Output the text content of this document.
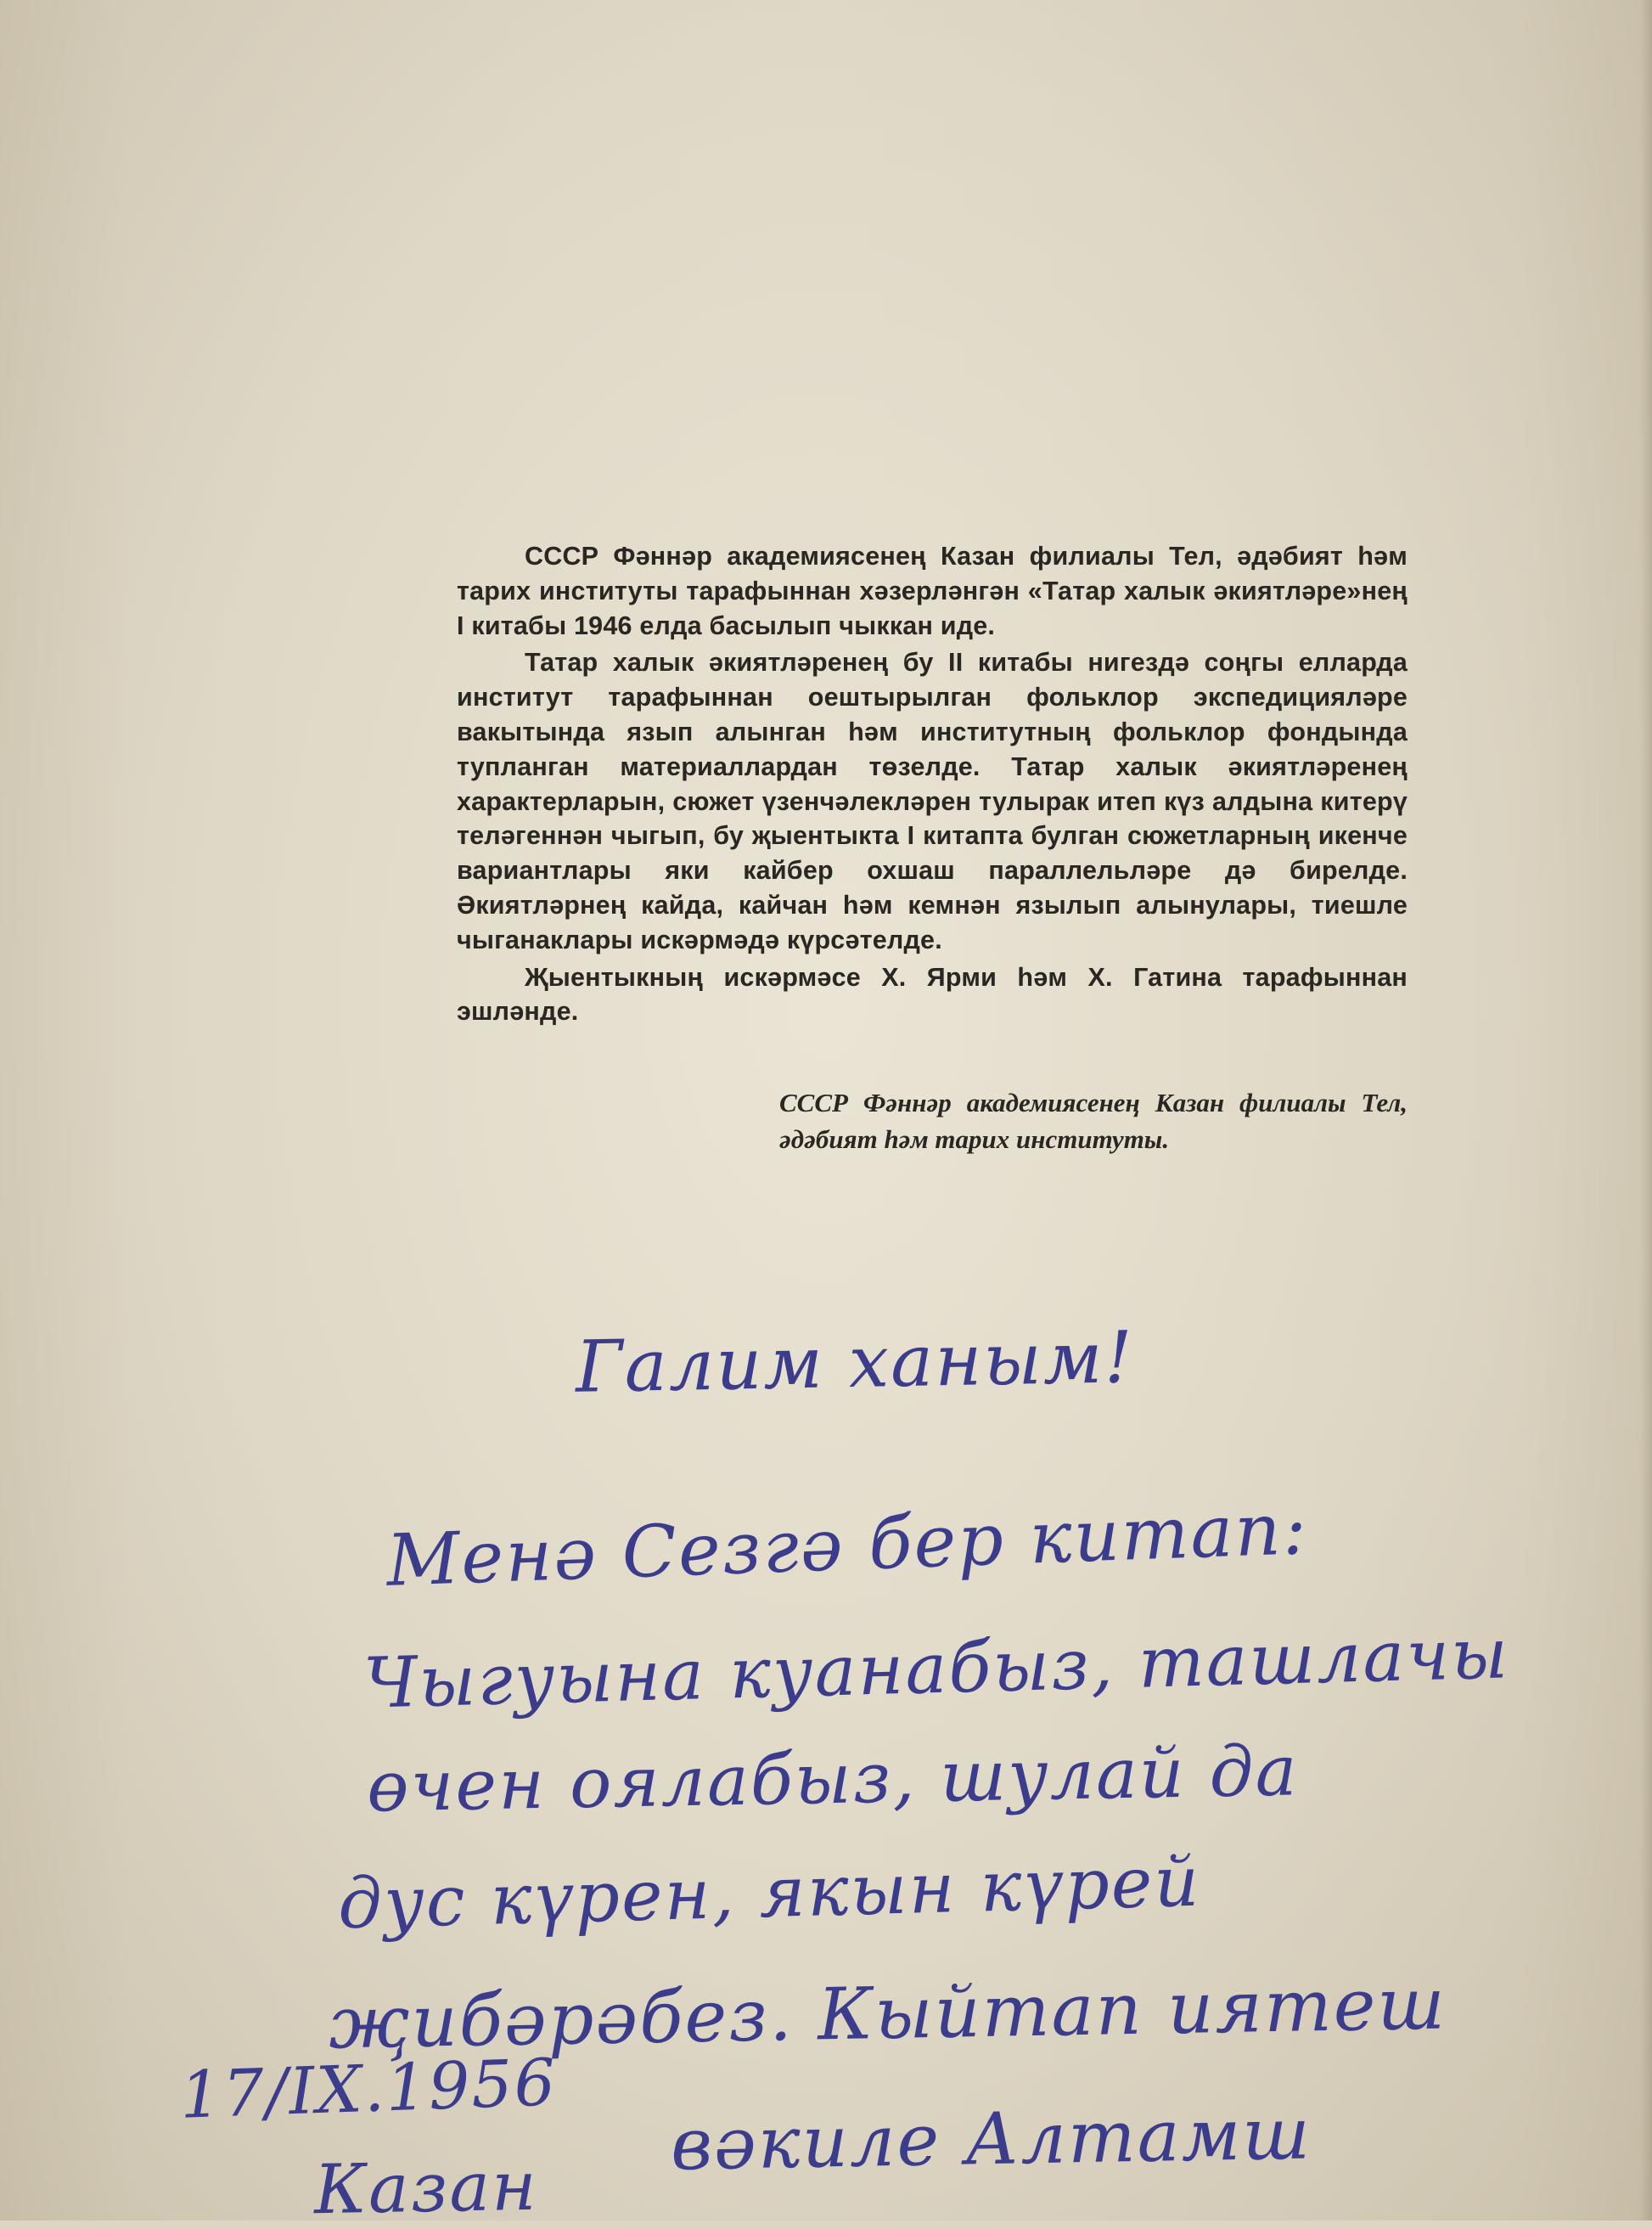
СССР Фәннәр академиясенең Казан филиалы Тел, әдәбият һәм тарих институты тарафыннан хәзерләнгән «Татар халык әкиятләре»нең I китабы 1946 елда басылып чыккан иде.

Татар халык әкиятләренең бу II китабы нигездә соңгы елларда институт тарафыннан оештырылган фольклор экспедицияләре вакытында язып алынган һәм институтның фольклор фондында тупланган материаллардан төзелде. Татар халык әкиятләренең характерларын, сюжет үзенчәлекләрен тулырак итеп күз алдына китерү теләгеннән чыгып, бу җыентыкта I китапта булган сюжетларның икенче вариантлары яки кайбер охшаш параллельләре дә бирелде. Әкиятләрнең кайда, кайчан һәм кемнән язылып алынулары, тиешле чыганаклары искәрмәдә күрсәтелде.

Җыентыкның искәрмәсе Х. Ярми һәм Х. Гатина тарафыннан эшләнде.

СССР Фәннәр академиясенең Казан филиалы Тел, әдәбият һәм тарих институты.
Галим ханым!
Менә Сезгә бер китап:
Чыгуына куанабыз, ташлачы
өчен оялабыз, шулай да
дус күрен, якын күрей
җибәрәбез. Кыйтап иятеш
17/IX.1956
вәкиле Алтамш
Казан
